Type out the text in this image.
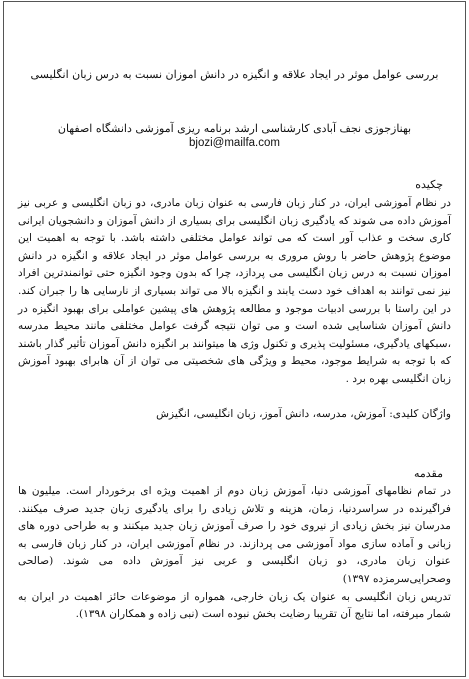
بررسی عوامل موثر در ایجاد علاقه و انگیزه در دانش اموزان نسبت به درس زبان انگلیسی
بهنازجوزی نجف آبادی کارشناسی ارشد برنامه ریزی آموزشی دانشگاه اصفهان
bjozi@mailfa.com
چکیده
در نظام آموزشی ایران، در کنار زبان فارسی به عنوان زبان مادری، دو زبان انگلیسی و عربی نیز آموزش داده می شوند که یادگیری زبان انگلیسی برای بسیاری از دانش آموزان و دانشجویان ایرانی کاری سخت و عذاب آور است که می تواند عوامل مختلفی داشته باشد. با توجه به اهمیت این موضوع پژوهش حاضر با روش مروری به بررسی عوامل موثر در ایجاد علاقه و انگیزه در دانش اموزان نسبت به درس زبان انگلیسی می پردازد، چرا که بدون وجود انگیزه حتی توانمندترین افراد نیز نمی توانند به اهداف خود دست یابند و انگیزه بالا می تواند بسیاری از نارسایی ها را جبران کند. در این راستا با بررسی ادبیات موجود و مطالعه پژوهش های پیشین عواملی برای بهبود انگیزه در دانش آموزان شناسایی شده است و می توان نتیجه گرفت عوامل مختلفی مانند محیط مدرسه ،سبکهای یادگیری، مسئولیت پذیری و تکنول وژی ها میتوانند بر انگیزه دانش آموزان تأثیر گذار باشند که با توجه به شرایط موجود، محیط و ویژگی های شخصیتی می توان از آن هابرای بهبود آموزش زبان انگلیسی بهره برد .
واژگان کلیدی: آموزش، مدرسه، دانش آموز، زبان انگلیسی، انگیزش
مقدمه

در تمام نظامهای آموزشی دنیا، آموزش زبان دوم از اهمیت ویژه ای برخوردار است. میلیون ها فراگیرنده در سراسردنیا، زمان، هزینه و تلاش زیادی را برای یادگیری زبان جدید صرف میکنند. مدرسان نیز بخش زیادی از نیروی خود را صرف آموزش زبان جدید میکنند و به طراحی دوره های زبانی و آماده سازی مواد آموزشی می پردازند. در نظام آموزشی ایران، در کنار زبان فارسی به عنوان زبان مادری، دو زبان انگلیسی و عربی نیز آموزش داده می شوند. (صالحی وصحرایی‌سرمزده ۱۳۹۷)

تدریس زبان انگلیسی به عنوان یک زبان خارجی، همواره از موضوعات حائز اهمیت در ایران به شمار میرفته، اما نتایج آن تقریبا رضایت بخش نبوده است (نبی زاده و همکاران ۱۳۹۸).
